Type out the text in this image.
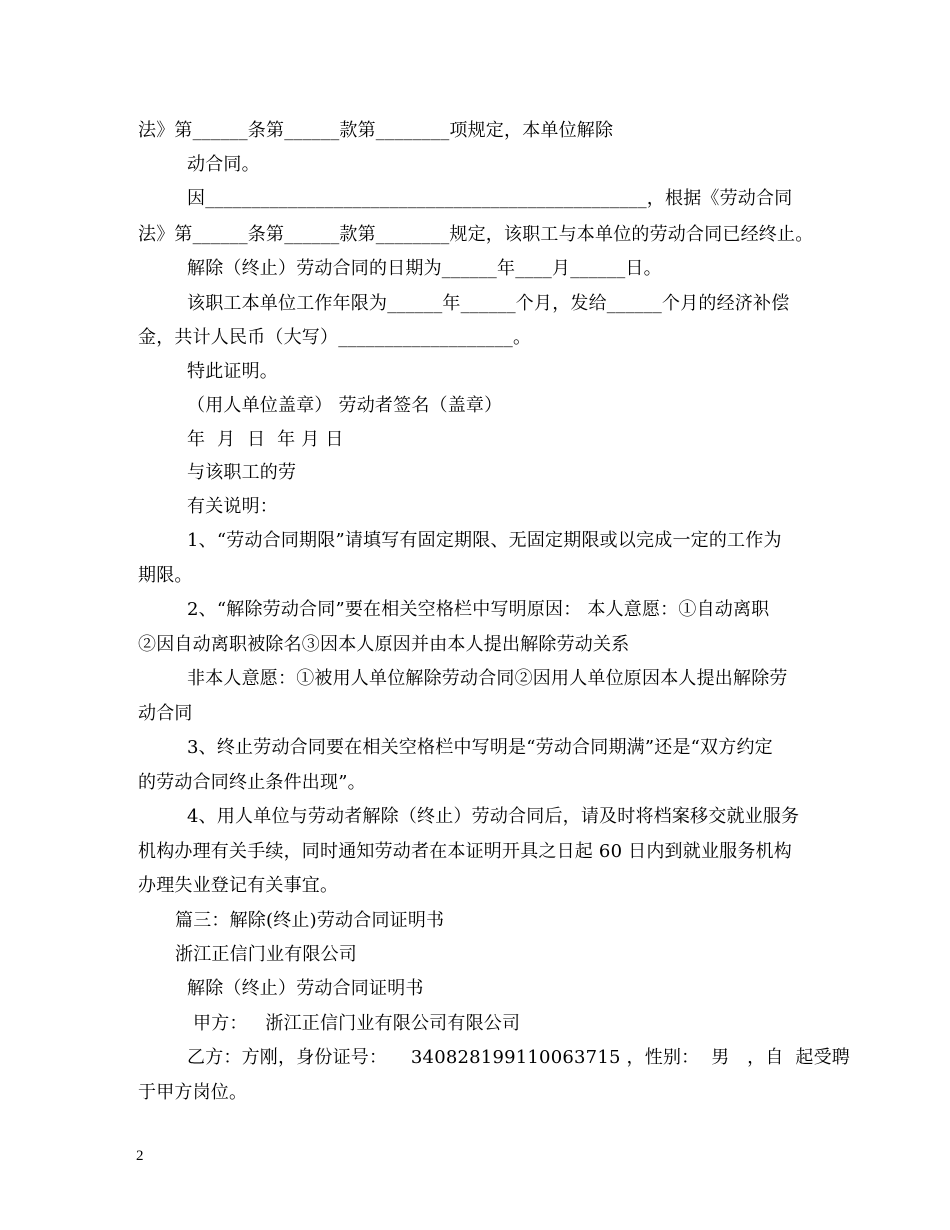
法》第______条第______款第________项规定，本单位解除
动合同。
因________________________________________________，根据《劳动合同
法》第______条第______款第________规定，该职工与本单位的劳动合同已经终止。
解除（终止）劳动合同的日期为______年____月______日。
该职工本单位工作年限为______年______个月，发给______个月的经济补偿
金，共计人民币（大写）___________________。
特此证明。
（用人单位盖章） 劳动者签名（盖章）
年  月  日  年 月 日
与该职工的劳
有关说明：
1、“劳动合同期限”请填写有固定期限、无固定期限或以完成一定的工作为
期限。
2、“解除劳动合同”要在相关空格栏中写明原因： 本人意愿：①自动离职
②因自动离职被除名③因本人原因并由本人提出解除劳动关系
非本人意愿：①被用人单位解除劳动合同②因用人单位原因本人提出解除劳
动合同
3、终止劳动合同要在相关空格栏中写明是“劳动合同期满”还是“双方约定
的劳动合同终止条件出现”。
4、用人单位与劳动者解除（终止）劳动合同后，请及时将档案移交就业服务
机构办理有关手续，同时通知劳动者在本证明开具之日起 60 日内到就业服务机构
办理失业登记有关事宜。
篇三：解除(终止)劳动合同证明书
浙江正信门业有限公司
解除（终止）劳动合同证明书
甲方：   浙江正信门业有限公司有限公司
乙方：方刚，身份证号：    340828199110063715 ，性别：  男   ，自  起受聘
于甲方岗位。
2
